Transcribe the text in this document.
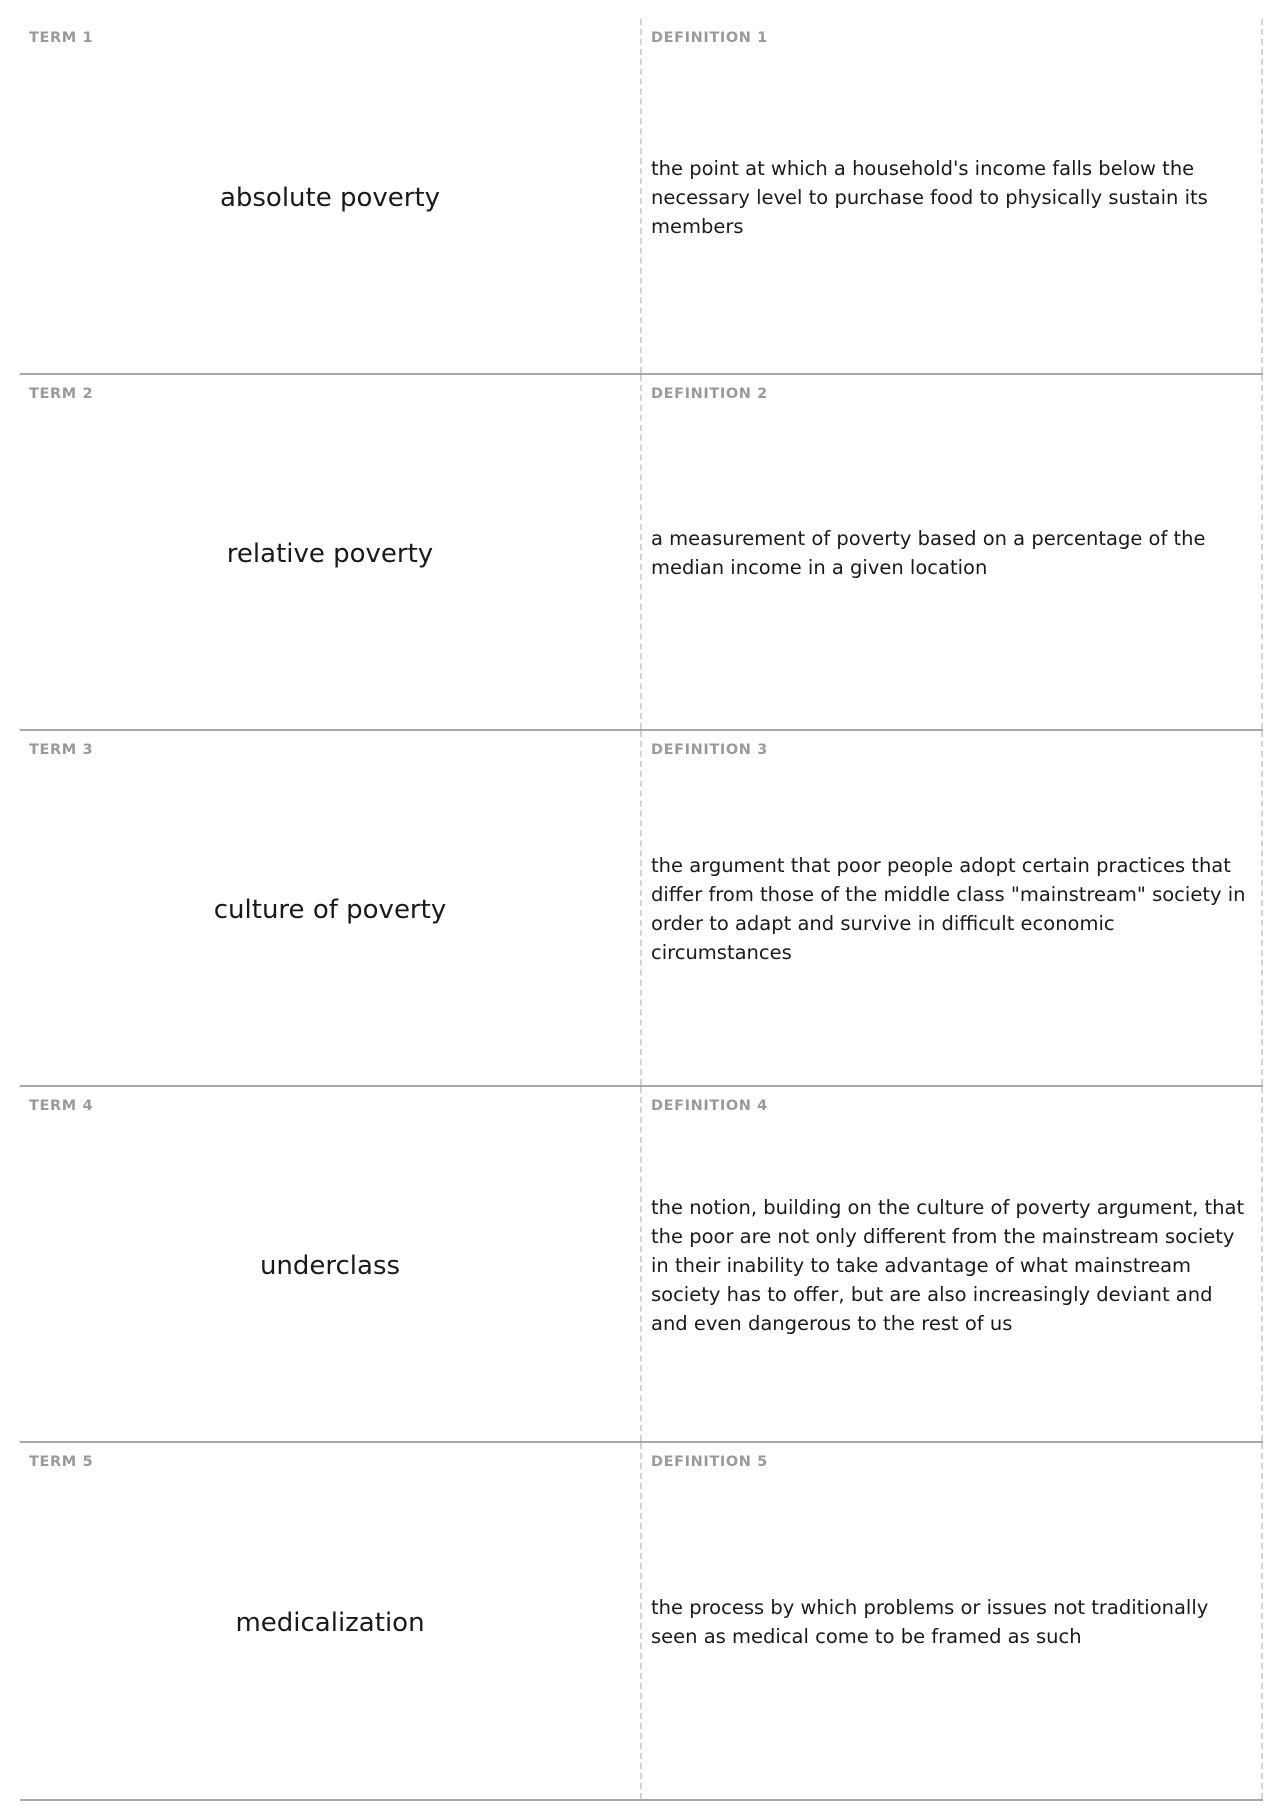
TERM 1
absolute poverty
DEFINITION 1
the point at which a household's income falls below the necessary level to purchase food to physically sustain its members
TERM 2
relative poverty
DEFINITION 2
a measurement of poverty based on a percentage of the median income in a given location
TERM 3
culture of poverty
DEFINITION 3
the argument that poor people adopt certain practices that differ from those of the middle class "mainstream" society in order to adapt and survive in difficult economic circumstances
TERM 4
underclass
DEFINITION 4
the notion, building on the culture of poverty argument, that the poor are not only different from the mainstream society in their inability to take advantage of what mainstream society has to offer, but are also increasingly deviant and and even dangerous to the rest of us
TERM 5
medicalization
DEFINITION 5
the process by which problems or issues not traditionally seen as medical come to be framed as such
